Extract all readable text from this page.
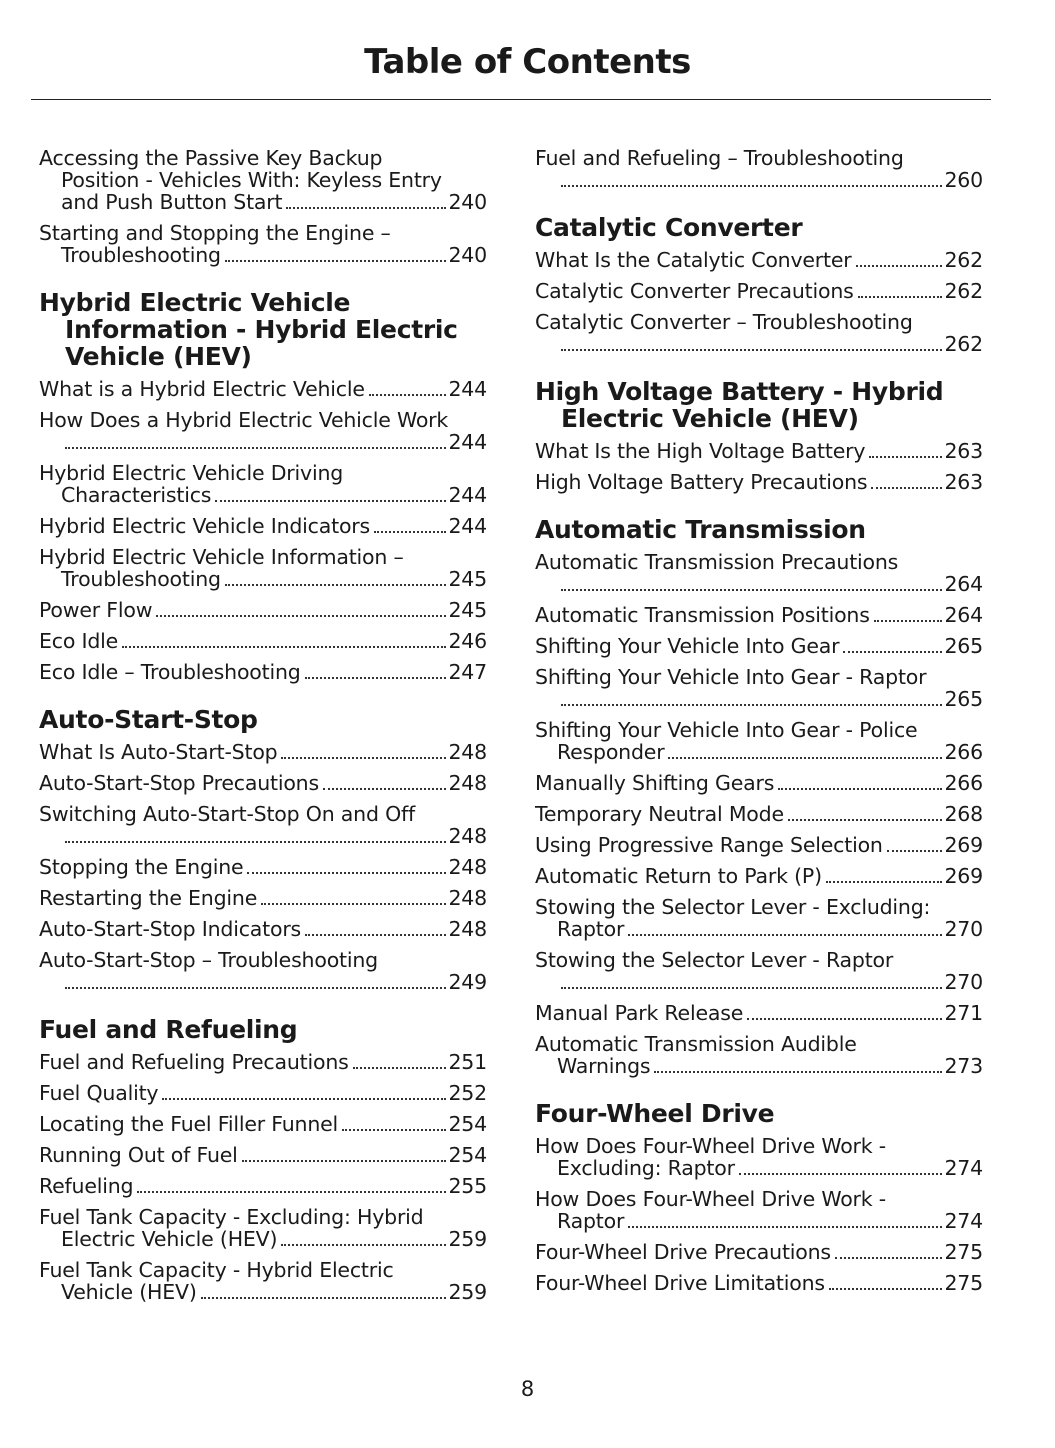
Table of Contents
Accessing the Passive Key Backup
Position - Vehicles With: Keyless Entry
and Push Button Start	240
Starting and Stopping the Engine –
Troubleshooting	240
Hybrid Electric Vehicle Information - Hybrid Electric Vehicle (HEV)
What is a Hybrid Electric Vehicle	244
How Does a Hybrid Electric Vehicle Work
244
Hybrid Electric Vehicle Driving
Characteristics	244
Hybrid Electric Vehicle Indicators	244
Hybrid Electric Vehicle Information –
Troubleshooting	245
Power Flow	245
Eco Idle	246
Eco Idle – Troubleshooting	247
Auto-Start-Stop
What Is Auto-Start-Stop	248
Auto-Start-Stop Precautions	248
Switching Auto-Start-Stop On and Off
248
Stopping the Engine	248
Restarting the Engine	248
Auto-Start-Stop Indicators	248
Auto-Start-Stop – Troubleshooting
249
Fuel and Refueling
Fuel and Refueling Precautions	251
Fuel Quality	252
Locating the Fuel Filler Funnel	254
Running Out of Fuel	254
Refueling	255
Fuel Tank Capacity - Excluding: Hybrid
Electric Vehicle (HEV)	259
Fuel Tank Capacity - Hybrid Electric
Vehicle (HEV)	259
Fuel and Refueling – Troubleshooting
260
Catalytic Converter
What Is the Catalytic Converter	262
Catalytic Converter Precautions	262
Catalytic Converter – Troubleshooting
262
High Voltage Battery - Hybrid Electric Vehicle (HEV)
What Is the High Voltage Battery	263
High Voltage Battery Precautions	263
Automatic Transmission
Automatic Transmission Precautions
264
Automatic Transmission Positions	264
Shifting Your Vehicle Into Gear	265
Shifting Your Vehicle Into Gear - Raptor
265
Shifting Your Vehicle Into Gear - Police
Responder	266
Manually Shifting Gears	266
Temporary Neutral Mode	268
Using Progressive Range Selection	269
Automatic Return to Park (P)	269
Stowing the Selector Lever - Excluding:
Raptor	270
Stowing the Selector Lever - Raptor
270
Manual Park Release	271
Automatic Transmission Audible
Warnings	273
Four-Wheel Drive
How Does Four-Wheel Drive Work -
Excluding: Raptor	274
How Does Four-Wheel Drive Work -
Raptor	274
Four-Wheel Drive Precautions	275
Four-Wheel Drive Limitations	275
8
